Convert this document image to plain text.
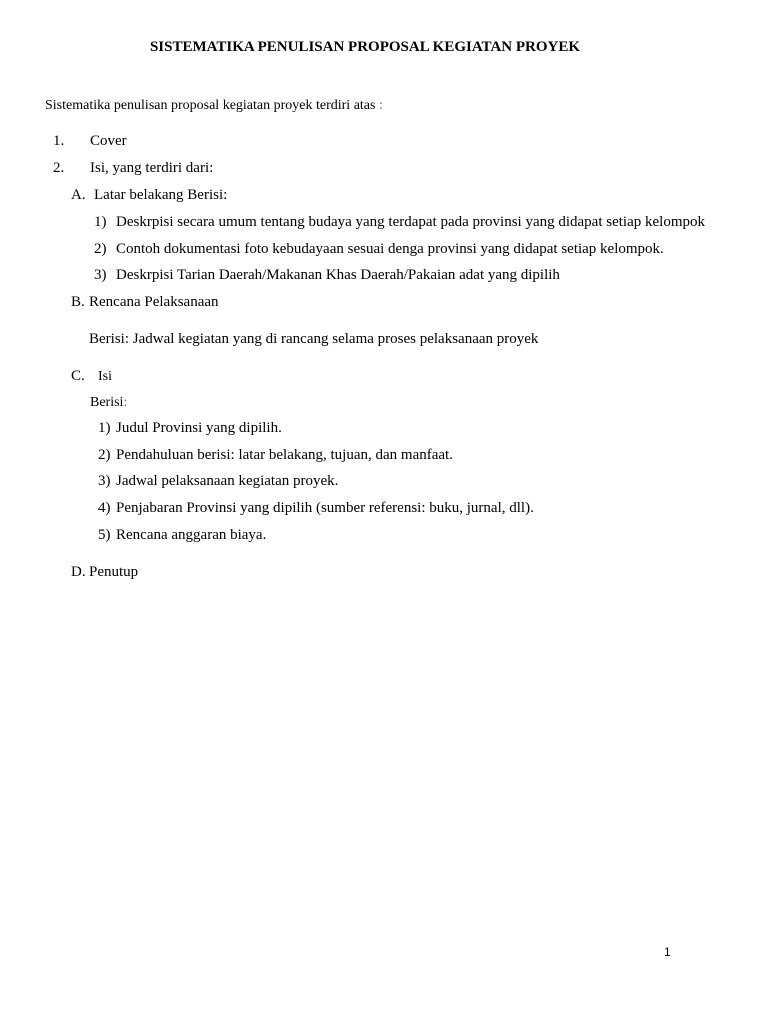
SISTEMATIKA PENULISAN PROPOSAL KEGIATAN PROYEK
Sistematika penulisan proposal kegiatan proyek terdiri atas :
1. Cover
2. Isi, yang terdiri dari:
A. Latar belakang Berisi:
1) Deskrpisi secara umum tentang budaya yang terdapat pada provinsi yang didapat setiap kelompok
2) Contoh dokumentasi foto kebudayaan sesuai denga provinsi yang didapat setiap kelompok.
3) Deskrpisi Tarian Daerah/Makanan Khas Daerah/Pakaian adat yang dipilih
B. Rencana Pelaksanaan
Berisi: Jadwal kegiatan yang di rancang selama proses pelaksanaan proyek
C. Isi
Berisi:
1) Judul Provinsi yang dipilih.
2) Pendahuluan berisi: latar belakang, tujuan, dan manfaat.
3) Jadwal pelaksanaan kegiatan proyek.
4) Penjabaran Provinsi yang dipilih (sumber referensi: buku, jurnal, dll).
5) Rencana anggaran biaya.
D. Penutup
1
